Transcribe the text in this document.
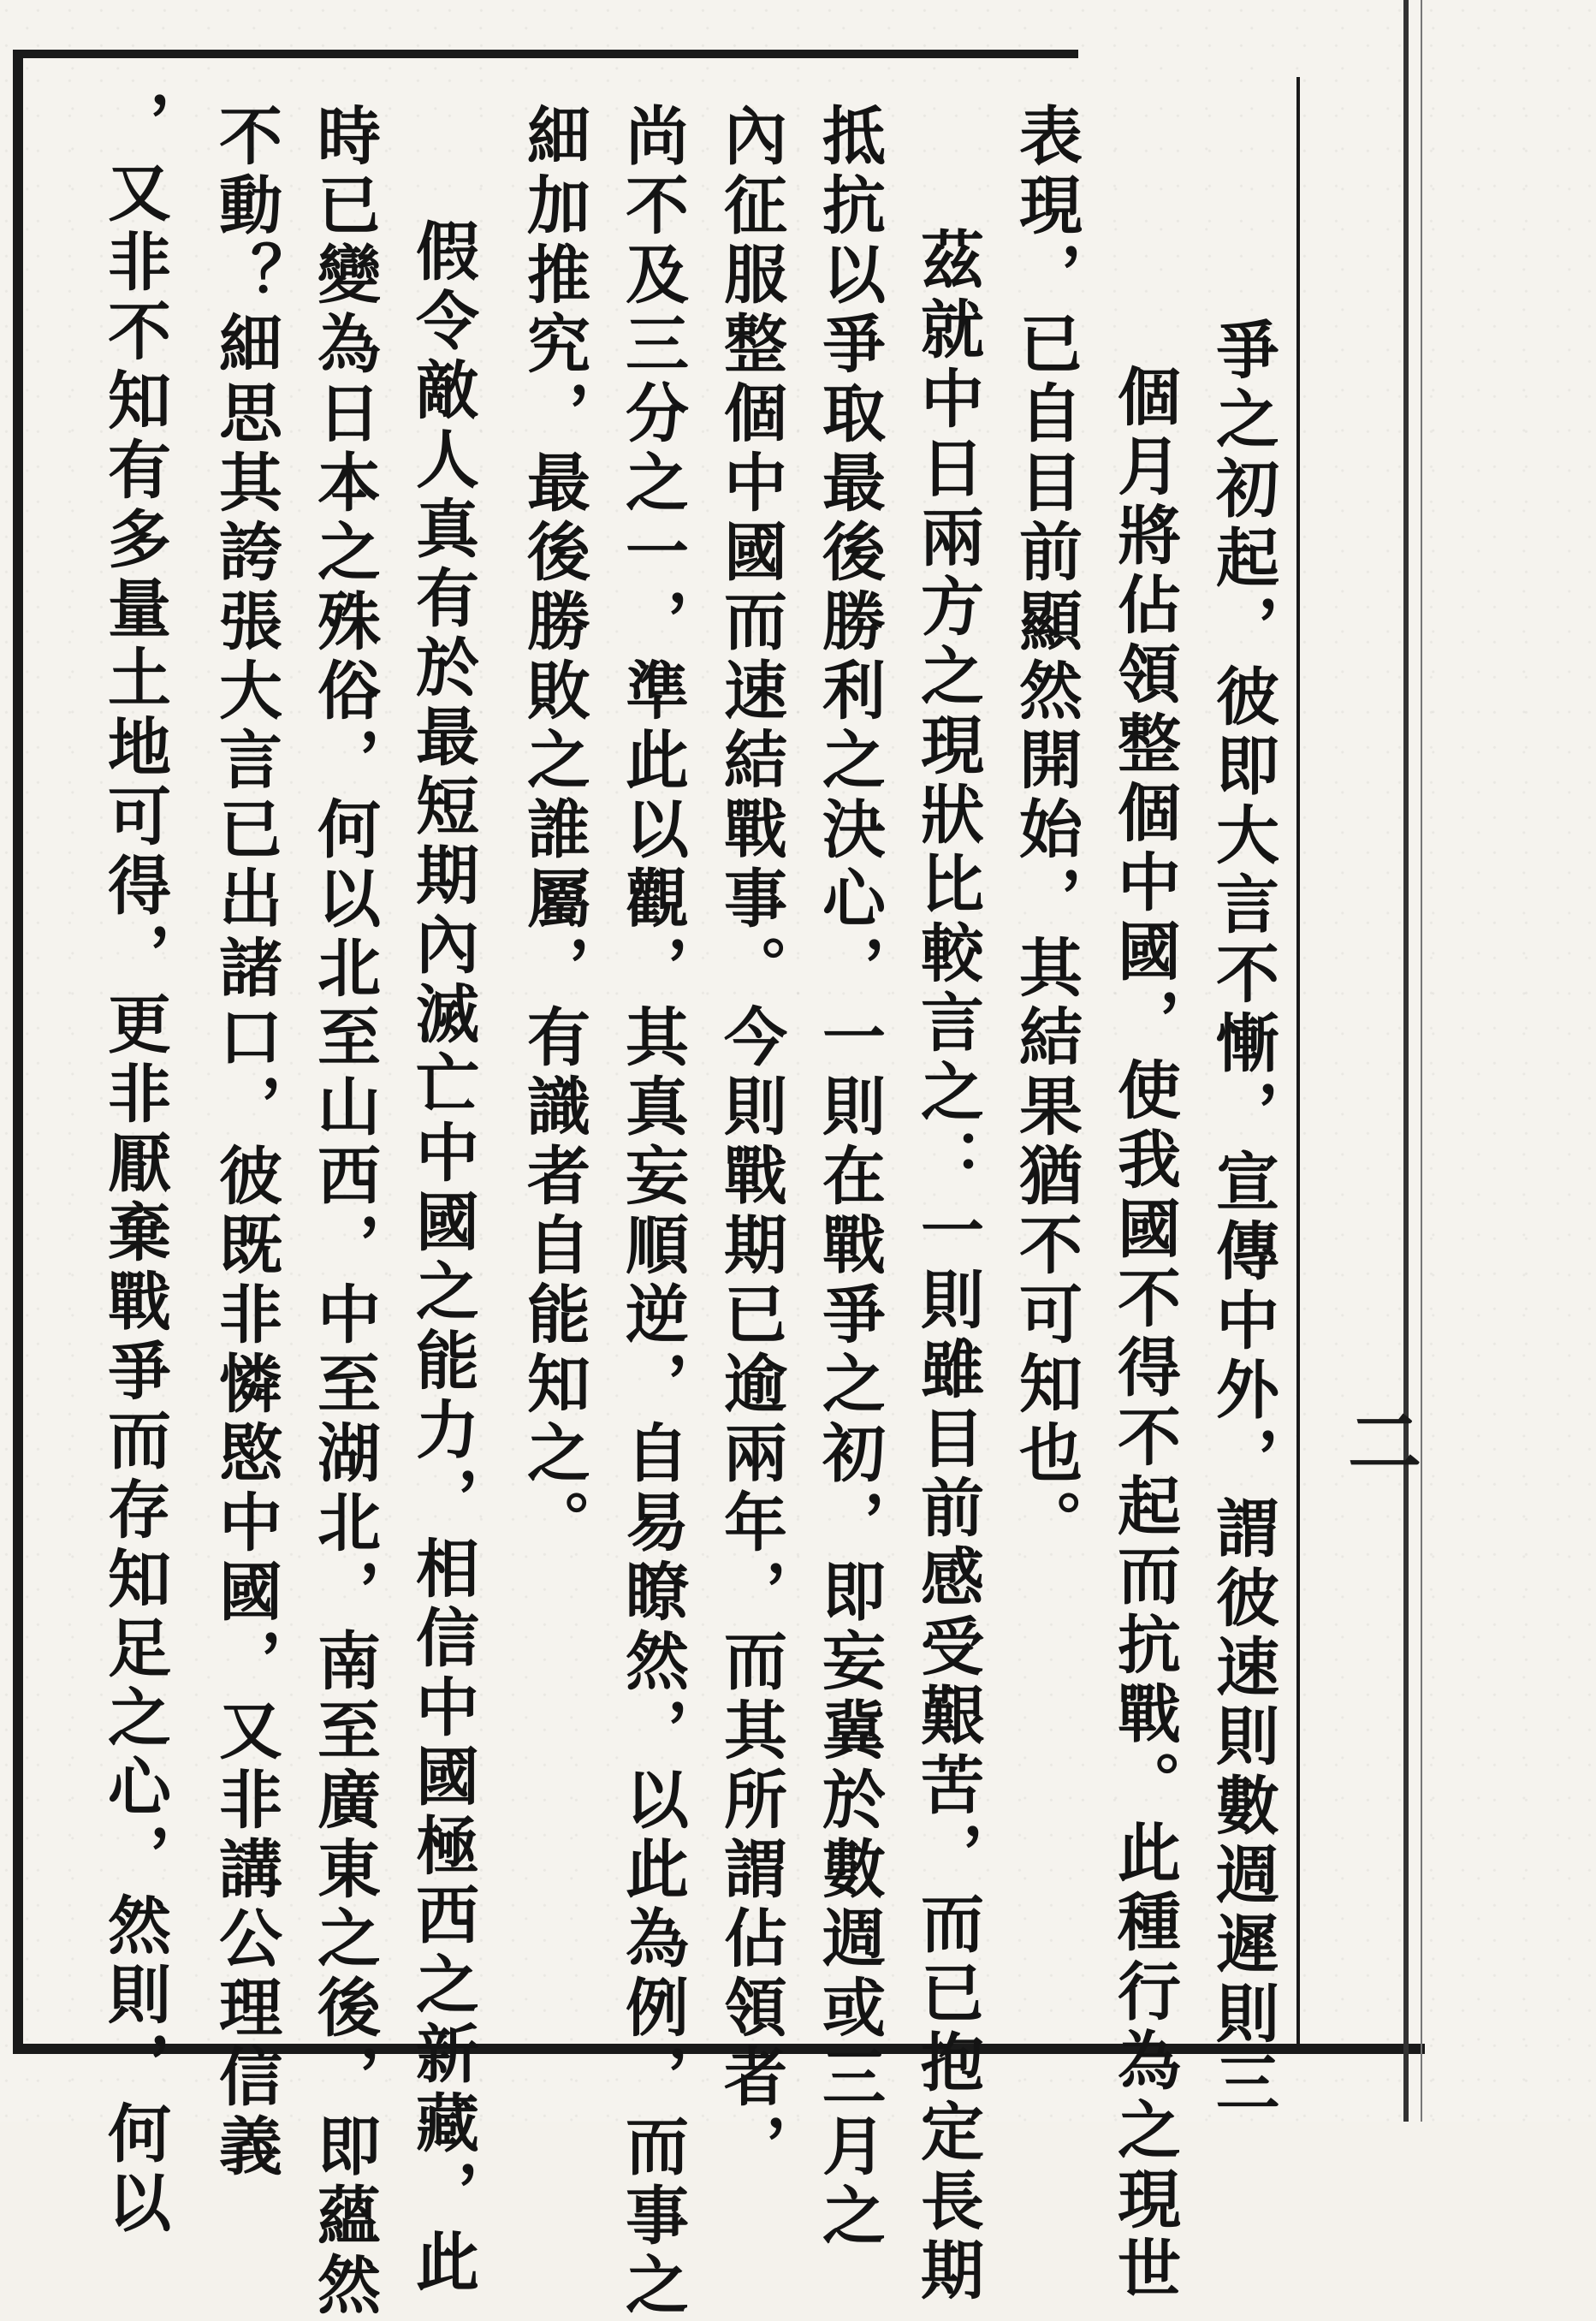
爭之初起，彼即大言不慚，宣傳中外，謂彼速則數週遲則三
個月將佔領整個中國，使我國不得不起而抗戰。此種行為之現世
表現，已自目前顯然開始，其結果猶不可知也。
茲就中日兩方之現狀比較言之：一則雖目前感受艱苦，而已抱定長期
抵抗以爭取最後勝利之決心，一則在戰爭之初，即妄冀於數週或三月之
內征服整個中國而速結戰事。今則戰期已逾兩年，而其所謂佔領者，
尚不及三分之一，準此以觀，其真妄順逆，自易瞭然，以此為例，而事之
細加推究，最後勝敗之誰屬，有識者自能知之。
假令敵人真有於最短期內滅亡中國之能力，相信中國極西之新藏，此
時已變為日本之殊俗，何以北至山西，中至湖北，南至廣東之後，即蘊然
不動？細思其誇張大言已出諸口，彼既非憐愍中國，又非講公理信義
，又非不知有多量土地可得，更非厭棄戰爭而存知足之心，然則，何以	二
